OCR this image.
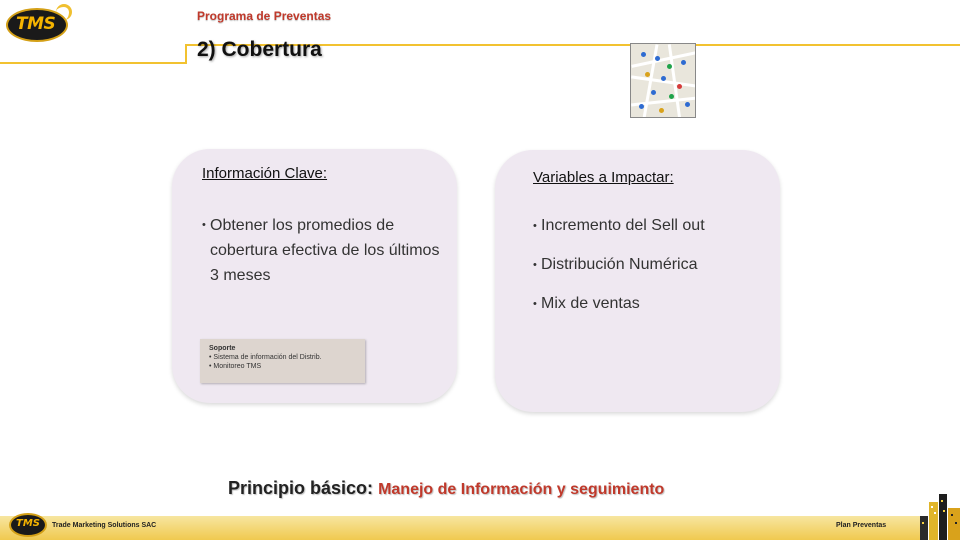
TMS	Programa de Preventas
2) Cobertura
Información Clave:
• Obtener los promedios de cobertura efectiva de los últimos 3 meses
Soporte
• Sistema de información del Distrib.
• Monitoreo TMS
Variables a Impactar:
• Incremento del Sell out
• Distribución Numérica
• Mix de ventas
Principio básico: Manejo de Información y seguimiento
TMS Trade Marketing Solutions SAC	Plan Preventas
